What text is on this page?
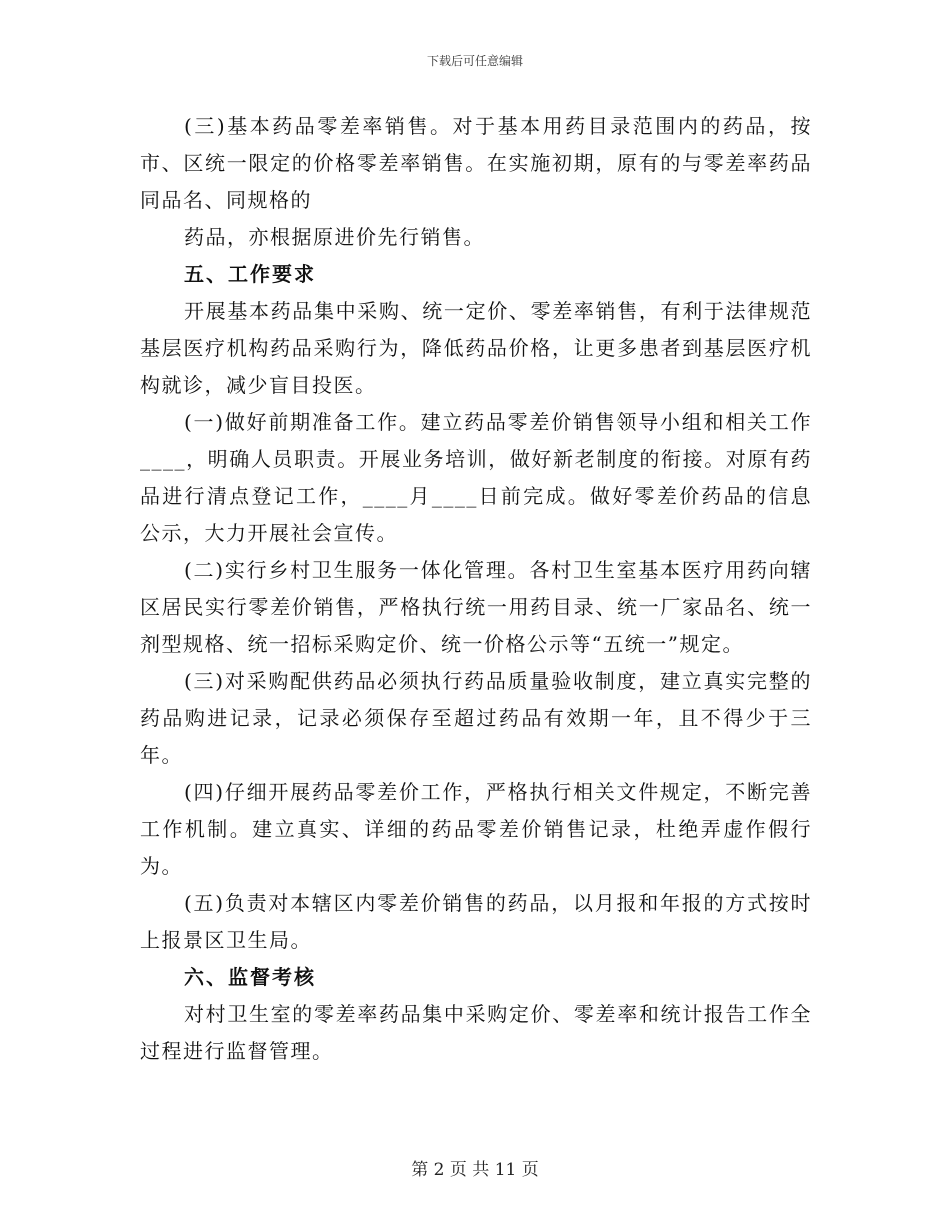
下载后可任意编辑

(三)基本药品零差率销售。对于基本用药目录范围内的药品，按市、区统一限定的价格零差率销售。在实施初期，原有的与零差率药品同品名、同规格的

药品，亦根据原进价先行销售。

五、工作要求

开展基本药品集中采购、统一定价、零差率销售，有利于法律规范基层医疗机构药品采购行为，降低药品价格，让更多患者到基层医疗机构就诊，减少盲目投医。

(一)做好前期准备工作。建立药品零差价销售领导小组和相关工作____，明确人员职责。开展业务培训，做好新老制度的衔接。对原有药品进行清点登记工作，____月____日前完成。做好零差价药品的信息公示，大力开展社会宣传。

(二)实行乡村卫生服务一体化管理。各村卫生室基本医疗用药向辖区居民实行零差价销售，严格执行统一用药目录、统一厂家品名、统一剂型规格、统一招标采购定价、统一价格公示等“五统一”规定。

(三)对采购配供药品必须执行药品质量验收制度，建立真实完整的药品购进记录，记录必须保存至超过药品有效期一年，且不得少于三年。

(四)仔细开展药品零差价工作，严格执行相关文件规定，不断完善工作机制。建立真实、详细的药品零差价销售记录，杜绝弄虚作假行为。

(五)负责对本辖区内零差价销售的药品，以月报和年报的方式按时上报景区卫生局。

六、监督考核

对村卫生室的零差率药品集中采购定价、零差率和统计报告工作全过程进行监督管理。

第 2 页 共 11 页
